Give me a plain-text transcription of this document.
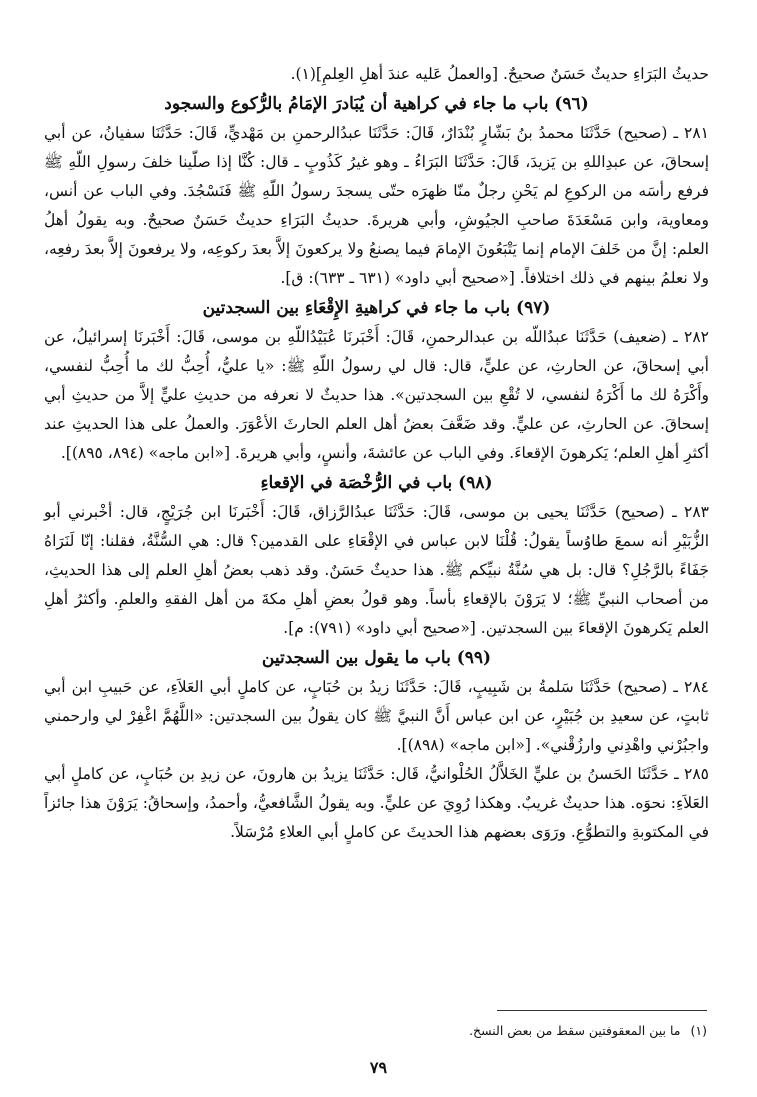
حديثُ البَرَاءِ حديثٌ حَسَنٌ صحيحٌ. [والعملُ عَليه عندَ أهلِ العِلمِ](١).

(٩٦) باب ما جاء في كراهية أن يُبَادرَ الإمَامُ بالرُّكوع والسجود

٢٨١ ـ (صحيح) حَدَّثَنَا محمدُ بنُ بَشّارٍ بُنْدَارٌ، قَالَ: حَدَّثَنَا عبدُالرحمنِ بن مَهْديٍّ، قَالَ: حَدَّثَنَا سفيانُ، عن أبي إسحاقَ، عن عبدِاللهِ بن يَزيدَ، قَالَ: حَدَّثَنَا البَرَاءُ ـ وهو غيرُ كَذُوبٍ ـ قال: كُنَّا إذا صلّينا خلفَ رسولِ اللّهِ ﷺ فرفع رأسَه من الركوعِ لم يَحْنِ رجلٌ منّا ظهرَه حتّى يسجدَ رسولُ اللّهِ ﷺ فَنَسْجُدَ. وفي الباب عن أنس، ومعاوية، وابن مَسْعَدَةَ صاحبِ الجيُوشِ، وأبي هريرةَ. حديثُ البَرَاءِ حديثٌ حَسَنٌ صحيحٌ. وبه يقولُ أهلُ العلم: إنَّ من خَلفَ الإمام إنما يَتْبَعُونَ الإمامَ فيما يصنعُ ولا يركعونَ إلاَّ بعدَ ركوعِه، ولا يرفعونَ إلاَّ بعدَ رفعِه، ولا نعلمُ بينهم في ذلك اختلافاً. [«صحيح أبي داود» (٦٣١ ـ ٦٣٣): ق].

(٩٧) باب ما جاء في كراهيةِ الإِقْعَاءِ بين السجدتين

٢٨٢ ـ (ضعيف) حَدَّثَنَا عبدُاللّه بن عبدالرحمنِ، قَالَ: أَخْبَرنَا عُبَيْدُاللّهِ بن موسى، قَالَ: أَخْبَرنَا إسرائيلُ، عن أبي إسحاقَ، عن الحارثِ، عن عليٍّ، قال: قال لي رسولُ اللّهِ ﷺ: «يا عليُّ، أُحِبُّ لك ما أُحِبُّ لنفسي، وأَكْرَهُ لك ما أَكْرَهُ لنفسي، لا تُقْعِ بين السجدتين». هذا حديثٌ لا نعرفه من حديثِ عليٍّ إلاَّ من حديثِ أبي إسحاقَ. عن الحارثِ، عن عليٍّ. وقد ضَعَّفَ بعضُ أهل العلم الحارثَ الأعْوَرَ. والعملُ على هذا الحديثِ عند أكثرِ أهلِ العلم؛ يَكرهونَ الإقعاءَ. وفي الباب عن عائشةَ، وأنسٍ، وأبي هريرةَ. [«ابن ماجه» (٨٩٤، ٨٩٥)].

(٩٨) باب في الرُّخْصَة في الإقعاءِ

٢٨٣ ـ (صحيح) حَدَّثَنَا يحيى بن موسى، قَالَ: حَدَّثَنَا عبدُالرَّزاق، قَالَ: أَخْبَرنَا ابن جُرَيْجٍ، قال: أخْبرني أبو الزُّبَيْرِ أنه سمعَ طاوُساً يقولُ: قُلْنَا لابن عباس في الإقْعَاءِ على القدمين؟ قال: هي السُّنَّةُ، فقلنا: إنّا لَنَرَاهُ جَفَاءً بالرَّجُلِ؟ قال: بل هي سُنَّةُ نبيِّكم ﷺ. هذا حديثٌ حَسَنٌ. وقد ذهب بعضُ أهلِ العلم إلى هذا الحديثِ، من أصحاب النبيِّ ﷺ؛ لا يَرَوْنَ بالإقعاءِ بأساً. وهو قولُ بعضِ أهلِ مكةَ من أهل الفقهِ والعلمِ. وأكثرُ أهلِ العلم يَكرهونَ الإقعاءَ بين السجدتين. [«صحيح أبي داود» (٧٩١): م].

(٩٩) باب ما يقول بين السجدتين

٢٨٤ ـ (صحيح) حَدَّثَنَا سَلمةُ بن شَبِيبٍ، قَالَ: حَدَّثَنَا زيدُ بن حُبَابٍ، عن كاملٍ أبي العَلاَءِ، عن حَبيبِ ابن أبي ثابتٍ، عن سعيدِ بن جُبَيْرٍ، عن ابن عباس أَنَّ النبيَّ ﷺ كان يقولُ بين السجدتين: «اللَّهُمَّ اغْفِرْ لي وارحمني واجبُرْني واهْدِني وارزُقْني». [«ابن ماجه» (٨٩٨)].

٢٨٥ ـ حَدَّثَنَا الحَسنُ بن عليٍّ الخَلاَّلُ الحُلْوانيُّ، قَال: حَدَّثَنَا يزيدُ بن هارونَ، عن زيدِ بن حُبَابٍ، عن كاملٍ أبي العَلاَءِ: نحوَه. هذا حديثٌ غريبٌ. وهكذا رُوِيَ عن عليٍّ. وبه يقولُ الشَّافعيُّ، وأحمدُ، وإسحاقُ: يَرَوْنَ هذا جائزاً في المكتوبةِ والتطوُّعِ. ورَوَى بعضهم هذا الحديثَ عن كاملٍ أبي العلاءِ مُرْسَلاً.

(١)ما بين المعقوفتين سقط من بعض النسخ.
٧٩
